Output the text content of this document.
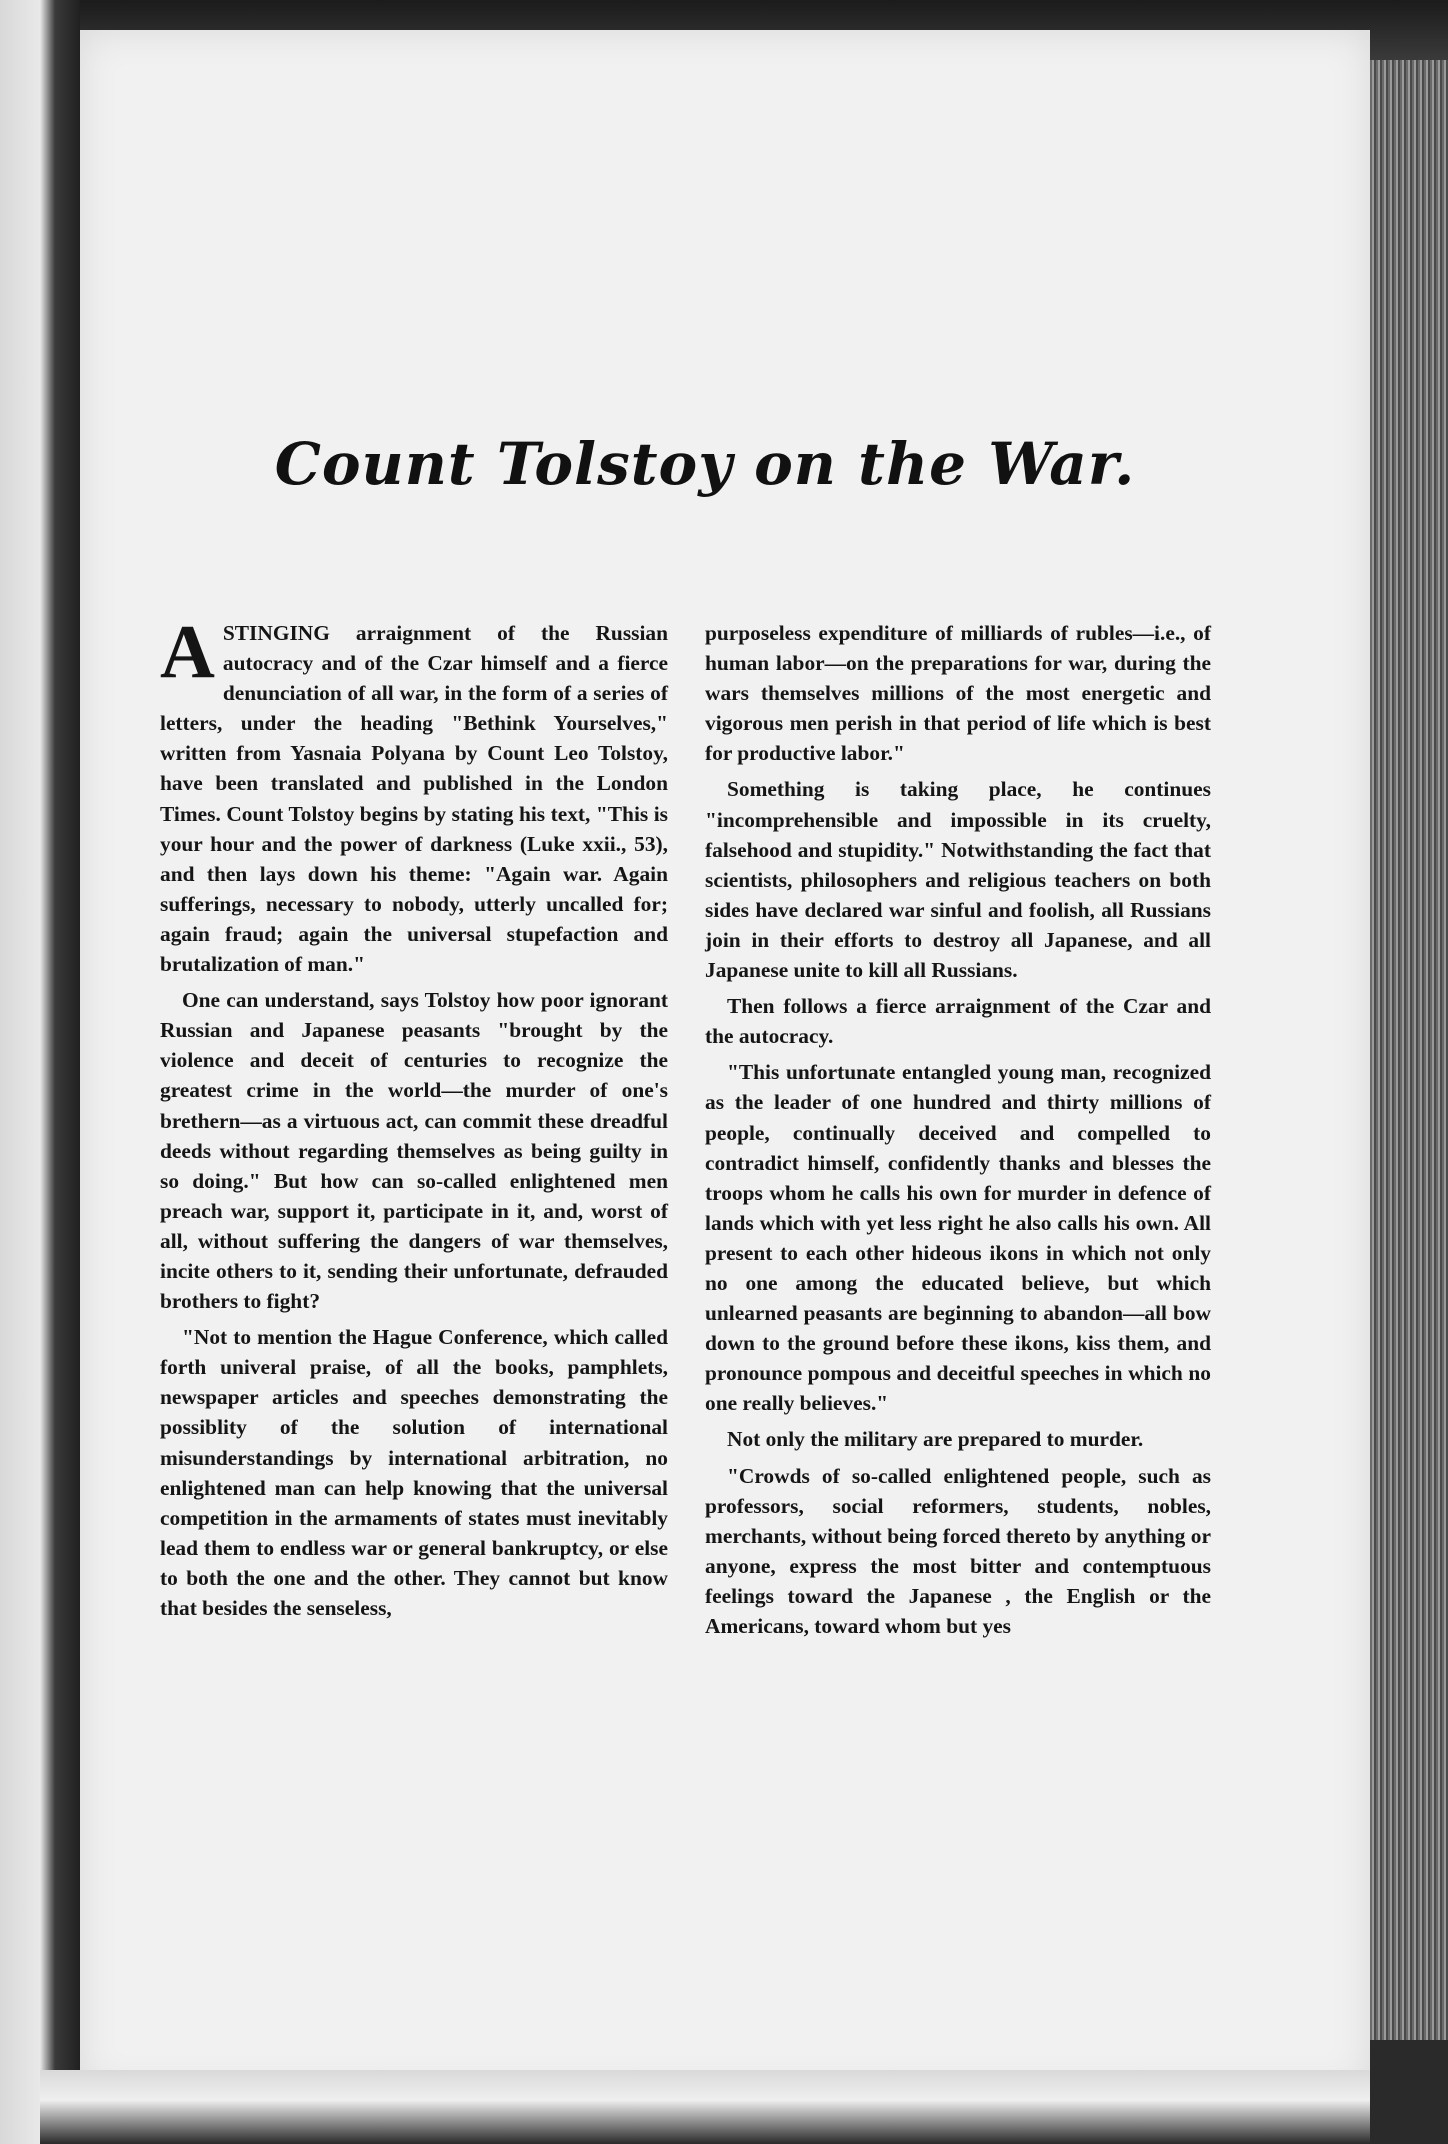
Count Tolstoy on the War.

ASTINGING arraignment of the Russian autocracy and of the Czar himself and a fierce denunciation of all war, in the form of a series of letters, under the heading "Bethink Yourselves," written from Yasnaia Polyana by Count Leo Tolstoy, have been translated and published in the London Times. Count Tolstoy begins by stating his text, "This is your hour and the power of darkness (Luke xxii., 53), and then lays down his theme: "Again war. Again sufferings, necessary to nobody, utterly uncalled for; again fraud; again the universal stupefaction and brutalization of man."

One can understand, says Tolstoy how poor ignorant Russian and Japanese peasants "brought by the violence and deceit of centuries to recognize the greatest crime in the world—the murder of one's brethern—as a virtuous act, can commit these dreadful deeds without regarding themselves as being guilty in so doing." But how can so-called enlightened men preach war, support it, participate in it, and, worst of all, without suffering the dangers of war themselves, incite others to it, sending their unfortunate, defrauded brothers to fight?

"Not to mention the Hague Conference, which called forth univeral praise, of all the books, pamphlets, newspaper articles and speeches demonstrating the possiblity of the solution of international misunderstandings by international arbitration, no enlightened man can help knowing that the universal competition in the armaments of states must inevitably lead them to endless war or general bankruptcy, or else to both the one and the other. They cannot but know that besides the senseless,

purposeless expenditure of milliards of rubles—i.e., of human labor—on the preparations for war, during the wars themselves millions of the most energetic and vigorous men perish in that period of life which is best for productive labor."

Something is taking place, he continues "incomprehensible and impossible in its cruelty, falsehood and stupidity." Notwithstanding the fact that scientists, philosophers and religious teachers on both sides have declared war sinful and foolish, all Russians join in their efforts to destroy all Japanese, and all Japanese unite to kill all Russians.

Then follows a fierce arraignment of the Czar and the autocracy.

"This unfortunate entangled young man, recognized as the leader of one hundred and thirty millions of people, continually deceived and compelled to contradict himself, confidently thanks and blesses the troops whom he calls his own for murder in defence of lands which with yet less right he also calls his own. All present to each other hideous ikons in which not only no one among the educated believe, but which unlearned peasants are beginning to abandon—all bow down to the ground before these ikons, kiss them, and pronounce pompous and deceitful speeches in which no one really believes."

Not only the military are prepared to murder.

"Crowds of so-called enlightened people, such as professors, social reformers, students, nobles, merchants, without being forced thereto by anything or anyone, express the most bitter and contemptuous feelings toward the Japanese , the English or the Americans, toward whom but yes
